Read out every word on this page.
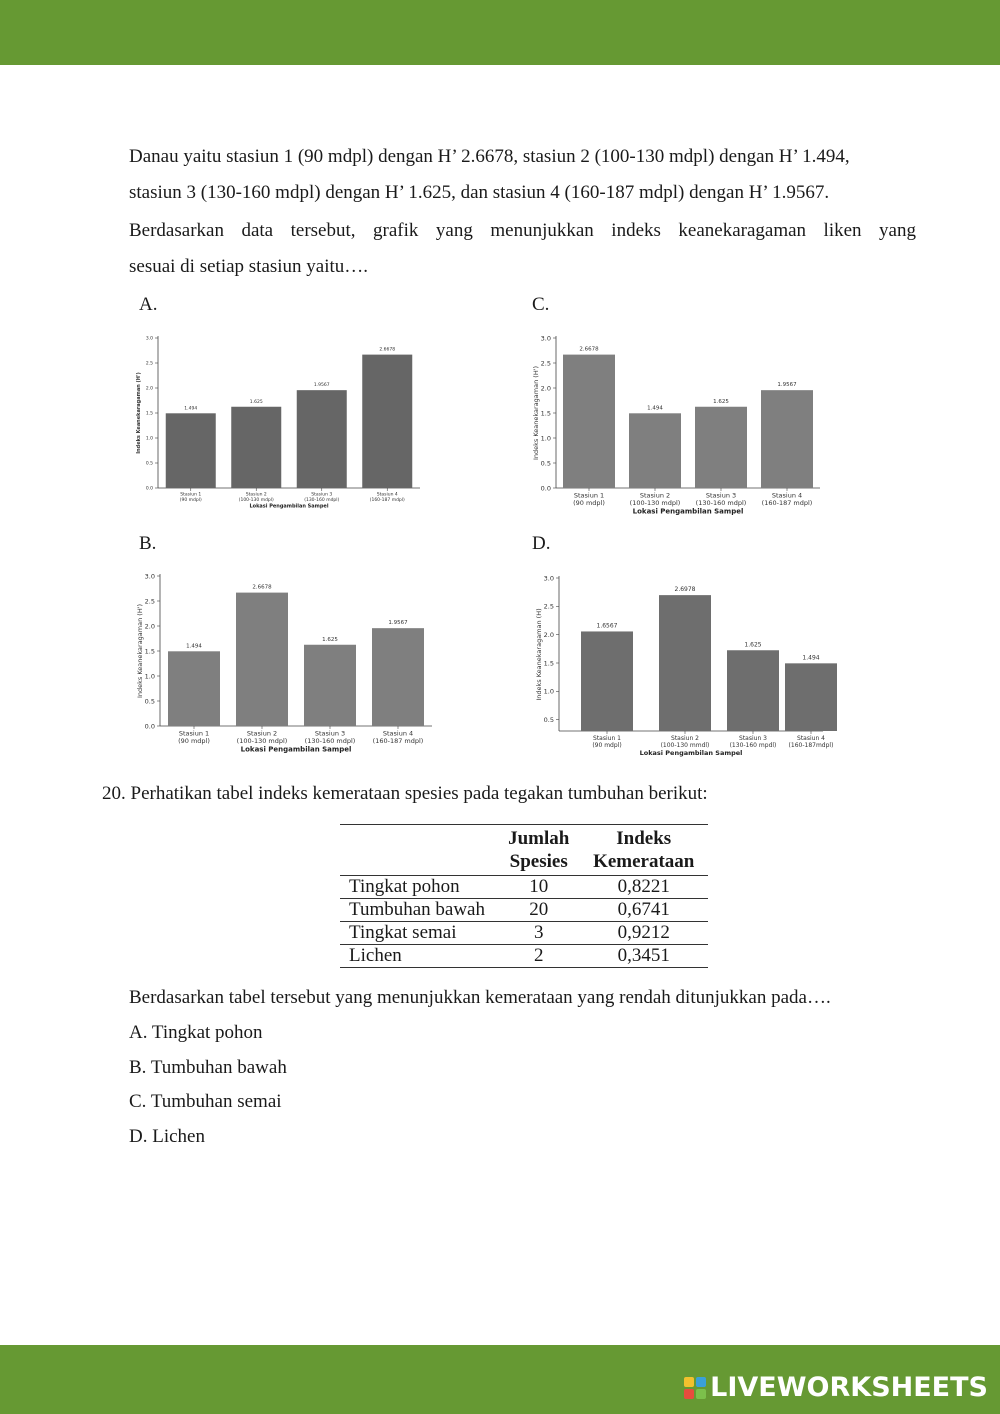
Danau yaitu stasiun 1 (90 mdpl) dengan H’ 2.6678, stasiun 2 (100-130 mdpl) dengan H’ 1.494,
stasiun 3 (130-160 mdpl) dengan H’ 1.625, dan stasiun 4 (160-187 mdpl) dengan H’ 1.9567.
Berdasarkan data tersebut, grafik yang menunjukkan indeks keanekaragaman liken yang
sesuai di setiap stasiun yaitu….
A.	C.
B.	D.
0.0
0.5
1.0
1.5
2.0
2.5
3.0
1.494
Stasiun 1
(90 mdpl)
1.625
Stasiun 2
(100-130 mdpl)
1.9567
Stasiun 3
(130-160 mdpl)
2.6678
Stasiun 4
(160-187 mdpl)
Lokasi Pengambilan Sampel
Indeks Keanekaragaman (H')
0.0
0.5
1.0
1.5
2.0
2.5
3.0
2.6678
Stasiun 1
(90 mdpl)
1.494
Stasiun 2
(100-130 mdpl)
1.625
Stasiun 3
(130-160 mdpl)
1.9567
Stasiun 4
(160-187 mdpl)
Lokasi Pengambilan Sampel
Indeks Keanekaragaman (H')
0.0
0.5
1.0
1.5
2.0
2.5
3.0
1.494
Stasiun 1
(90 mdpl)
2.6678
Stasiun 2
(100-130 mdpl)
1.625
Stasiun 3
(130-160 mdpl)
1.9567
Stasiun 4
(160-187 mdpl)
Lokasi Pengambilan Sampel
Indeks Keanekaragaman (H')
0.5
1.0
1.5
2.0
2.5
3.0
1.6567
Stasiun 1
(90 mdpl)
2.6978
Stasiun 2
(100-130 mmdl)
1.625
Stasiun 3
(130-160 mpdl)
1.494
Stasiun 4
(160-187mdpl)
Lokasi Pengambilan Sampel
Indeks Keanekaragaman (H)
20. Perhatikan tabel indeks kemerataan spesies pada tegakan tumbuhan berikut:
	Jumlah
Spesies	Indeks
Kemerataan
Tingkat pohon	10	0,8221
Tumbuhan bawah	20	0,6741
Tingkat semai	3	0,9212
Lichen	2	0,3451
Berdasarkan tabel tersebut yang menunjukkan kemerataan yang rendah ditunjukkan pada….
A. Tingkat pohon
B. Tumbuhan bawah
C. Tumbuhan semai
D. Lichen
LIVEWORKSHEETS
